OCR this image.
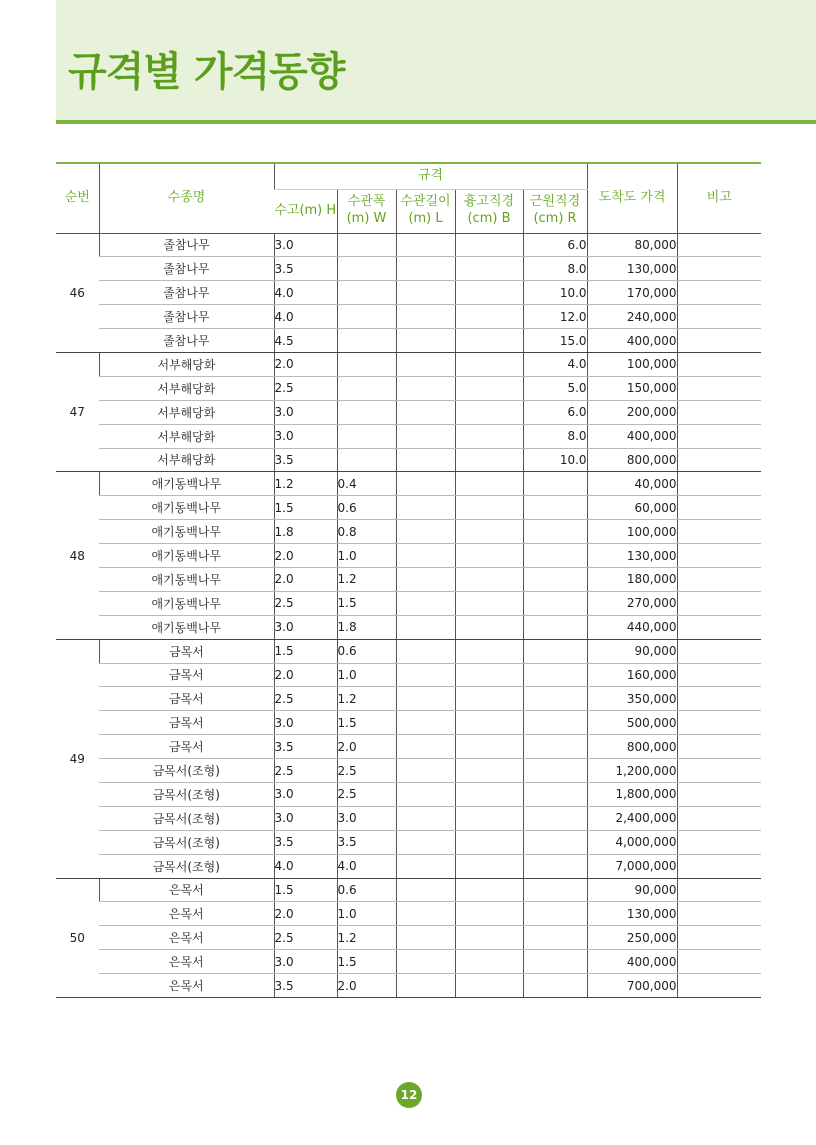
규격별 가격동향
순번	수종명	규격					도착도 가격	비고
		수고(m) H	수관폭 (m) W	수관길이 (m) L	흉고직경 (cm) B	근원직경 (cm) R		
46	졸참나무	3.0				6.0	80,000	
	졸참나무	3.5				8.0	130,000	
	졸참나무	4.0				10.0	170,000	
	졸참나무	4.0				12.0	240,000	
	졸참나무	4.5				15.0	400,000	
47	서부해당화	2.0				4.0	100,000	
	서부해당화	2.5				5.0	150,000	
	서부해당화	3.0				6.0	200,000	
	서부해당화	3.0				8.0	400,000	
	서부해당화	3.5				10.0	800,000	
48	애기동백나무	1.2	0.4				40,000	
	애기동백나무	1.5	0.6				60,000	
	애기동백나무	1.8	0.8				100,000	
	애기동백나무	2.0	1.0				130,000	
	애기동백나무	2.0	1.2				180,000	
	애기동백나무	2.5	1.5				270,000	
	애기동백나무	3.0	1.8				440,000	
49	금목서	1.5	0.6				90,000	
	금목서	2.0	1.0				160,000	
	금목서	2.5	1.2				350,000	
	금목서	3.0	1.5				500,000	
	금목서	3.5	2.0				800,000	
	금목서(조형)	2.5	2.5				1,200,000	
	금목서(조형)	3.0	2.5				1,800,000	
	금목서(조형)	3.0	3.0				2,400,000	
	금목서(조형)	3.5	3.5				4,000,000	
	금목서(조형)	4.0	4.0				7,000,000	
50	은목서	1.5	0.6				90,000	
	은목서	2.0	1.0				130,000	
	은목서	2.5	1.2				250,000	
	은목서	3.0	1.5				400,000	
	은목서	3.5	2.0				700,000	
12
